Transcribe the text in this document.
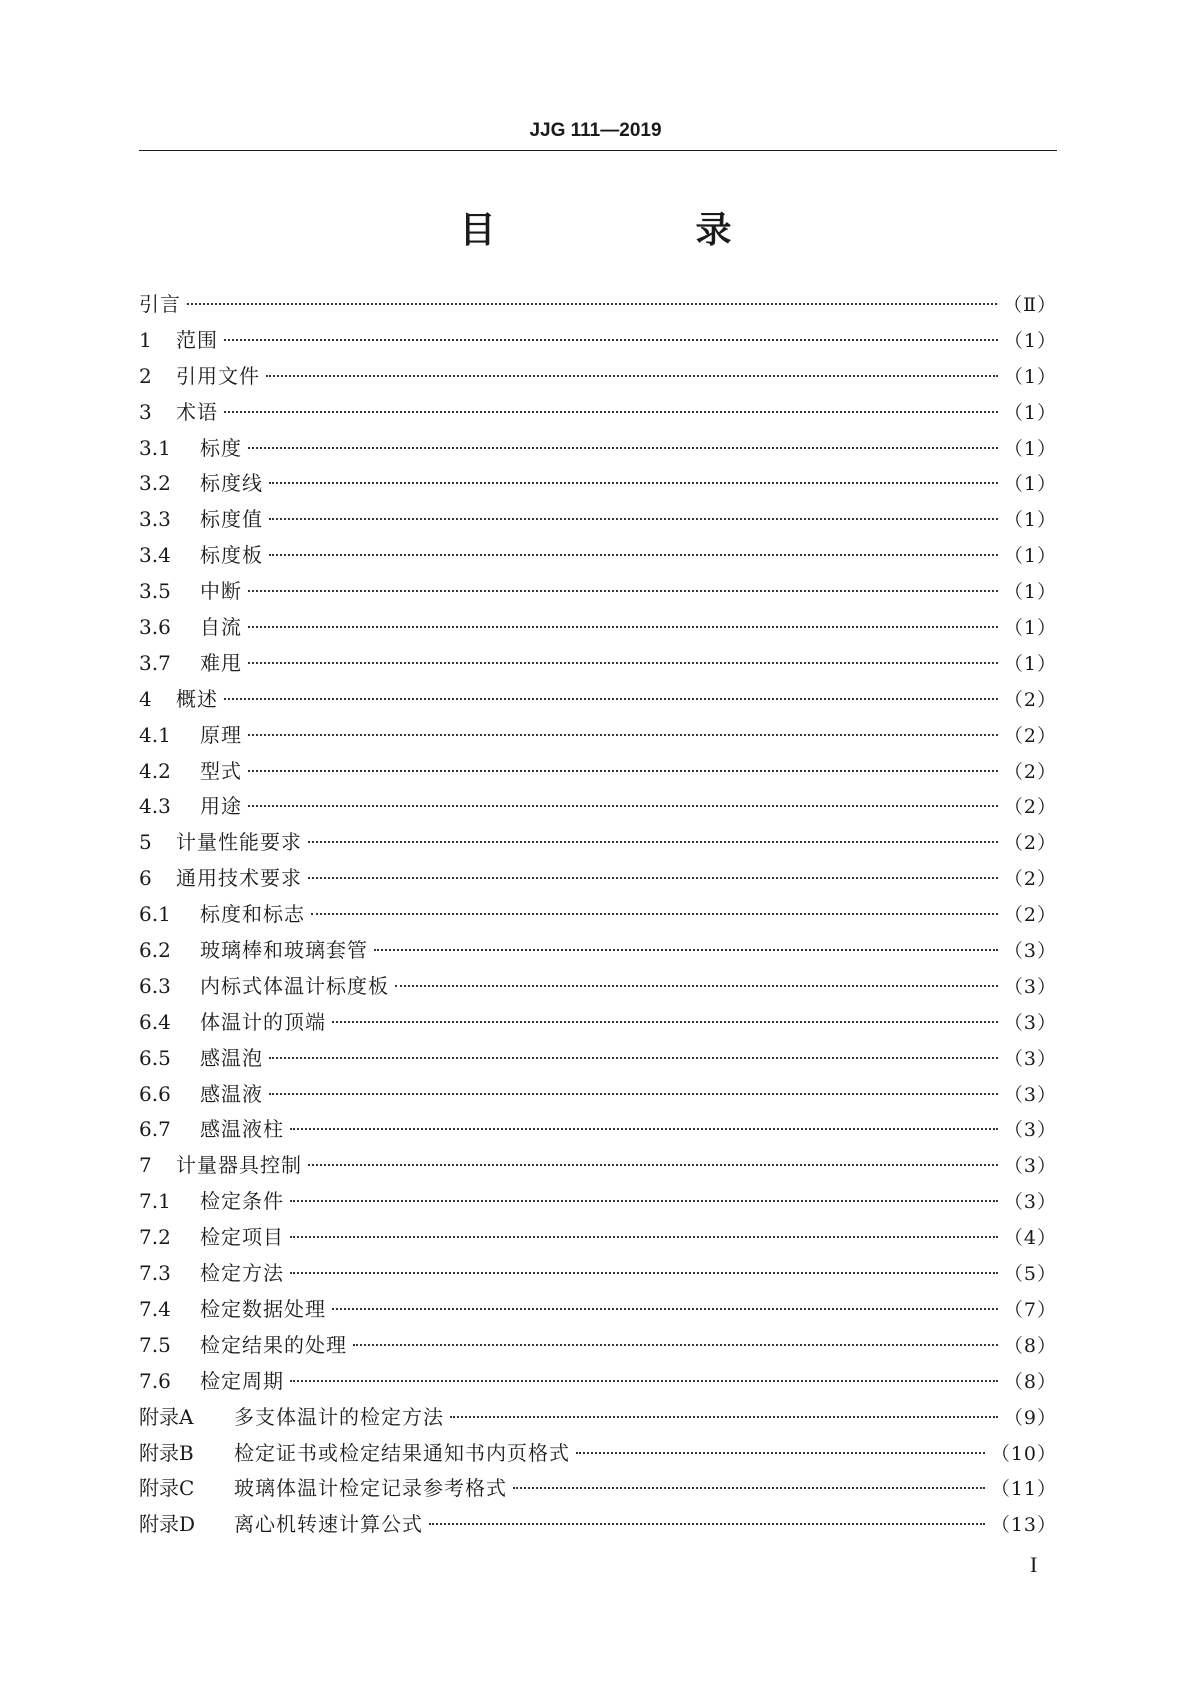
JJG 111—2019
目　录
引言	（Ⅱ）
1	范围	（1）
2	引用文件	（1）
3	术语	（1）
3.1	标度	（1）
3.2	标度线	（1）
3.3	标度值	（1）
3.4	标度板	（1）
3.5	中断	（1）
3.6	自流	（1）
3.7	难甩	（1）
4	概述	（2）
4.1	原理	（2）
4.2	型式	（2）
4.3	用途	（2）
5	计量性能要求	（2）
6	通用技术要求	（2）
6.1	标度和标志	（2）
6.2	玻璃棒和玻璃套管	（3）
6.3	内标式体温计标度板	（3）
6.4	体温计的顶端	（3）
6.5	感温泡	（3）
6.6	感温液	（3）
6.7	感温液柱	（3）
7	计量器具控制	（3）
7.1	检定条件	（3）
7.2	检定项目	（4）
7.3	检定方法	（5）
7.4	检定数据处理	（7）
7.5	检定结果的处理	（8）
7.6	检定周期	（8）
附录A	多支体温计的检定方法	（9）
附录B	检定证书或检定结果通知书内页格式	（10）
附录C	玻璃体温计检定记录参考格式	（11）
附录D	离心机转速计算公式	（13）
I
